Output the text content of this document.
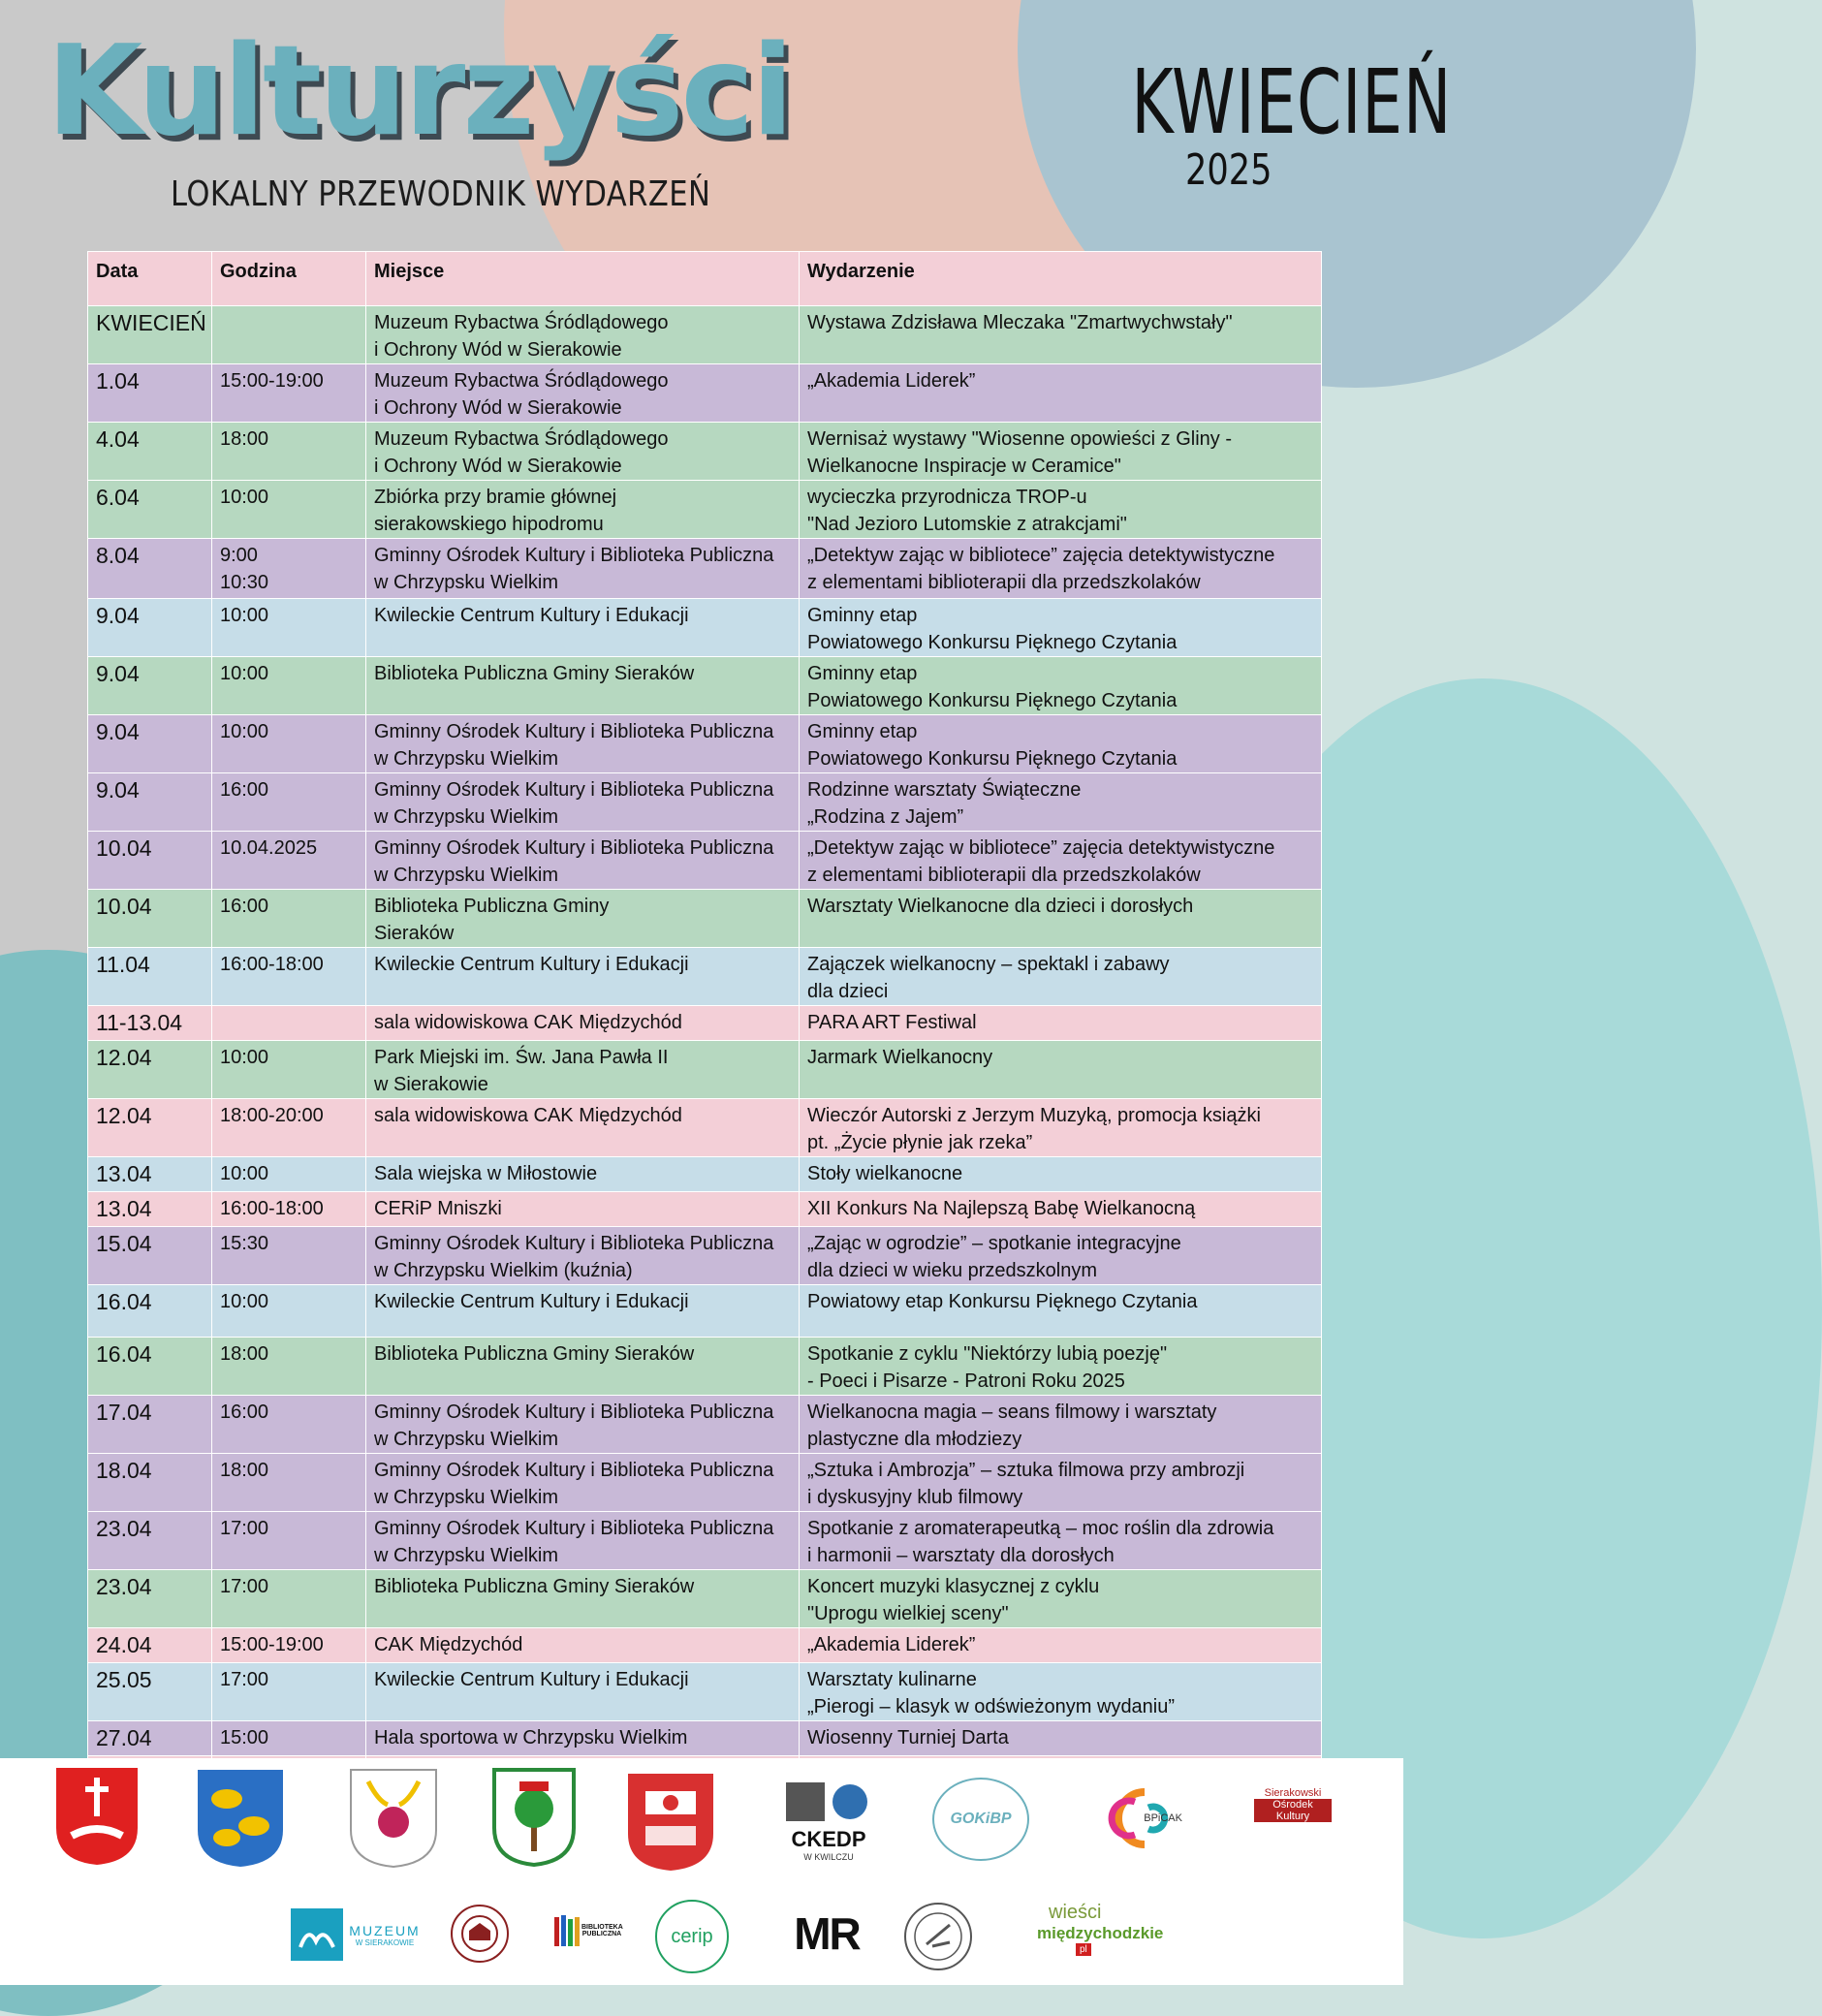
Kulturzyści
LOKALNY PRZEWODNIK WYDARZEŃ
KWIECIEŃ
2025
Data	Godzina	Miejsce	Wydarzenie
KWIECIEŃ		Muzeum Rybactwa Śródlądowego
i Ochrony Wód w Sierakowie	Wystawa Zdzisława Mleczaka "Zmartwychwstały"
1.04	15:00-19:00	Muzeum Rybactwa Śródlądowego
i Ochrony Wód w Sierakowie	„Akademia Liderek”
4.04	18:00	Muzeum Rybactwa Śródlądowego
i Ochrony Wód w Sierakowie	Wernisaż wystawy "Wiosenne opowieści z Gliny -
Wielkanocne Inspiracje w Ceramice"

6.04	10:00	Zbiórka przy bramie głównej
sierakowskiego hipodromu	wycieczka przyrodnicza TROP-u
"Nad Jezioro Lutomskie z atrakcjami"

8.04	9:00
10:30	Gminny Ośrodek Kultury i Biblioteka Publiczna
w Chrzypsku Wielkim	„Detektyw zając w bibliotece” zajęcia detektywistyczne
z elementami biblioterapii dla przedszkolaków

9.04	10:00	Kwileckie Centrum Kultury i Edukacji	Gminny etap
Powiatowego Konkursu Pięknego Czytania

9.04	10:00	Biblioteka Publiczna Gminy Sieraków	Gminny etap
Powiatowego Konkursu Pięknego Czytania

9.04	10:00	Gminny Ośrodek Kultury i Biblioteka Publiczna
w Chrzypsku Wielkim	Gminny etap
Powiatowego Konkursu Pięknego Czytania

9.04	16:00	Gminny Ośrodek Kultury i Biblioteka Publiczna
w Chrzypsku Wielkim	Rodzinne warsztaty Świąteczne
„Rodzina z Jajem”

10.04	10.04.2025	Gminny Ośrodek Kultury i Biblioteka Publiczna
w Chrzypsku Wielkim	„Detektyw zając w bibliotece” zajęcia detektywistyczne
z elementami biblioterapii dla przedszkolaków

10.04	16:00	Biblioteka Publiczna Gminy
Sieraków	Warsztaty Wielkanocne dla dzieci i dorosłych
11.04	16:00-18:00	Kwileckie Centrum Kultury i Edukacji	Zajączek wielkanocny – spektakl i zabawy
dla dzieci

11-13.04		sala widowiskowa CAK Międzychód	PARA ART Festiwal
12.04	10:00	Park Miejski im. Św. Jana Pawła II
w Sierakowie	Jarmark Wielkanocny
12.04	18:00-20:00	sala widowiskowa CAK Międzychód	Wieczór Autorski z Jerzym Muzyką, promocja książki
pt. „Życie płynie jak rzeka”

13.04	10:00	Sala wiejska w Miłostowie	Stoły wielkanocne
13.04	16:00-18:00	CERiP Mniszki	XII Konkurs Na Najlepszą Babę Wielkanocną
15.04	15:30	Gminny Ośrodek Kultury i Biblioteka Publiczna
w Chrzypsku Wielkim (kuźnia)	„Zając w ogrodzie” – spotkanie integracyjne
dla dzieci w wieku przedszkolnym

16.04	10:00	Kwileckie Centrum Kultury i Edukacji	Powiatowy etap Konkursu Pięknego Czytania
16.04	18:00	Biblioteka Publiczna Gminy Sieraków	Spotkanie z cyklu "Niektórzy lubią poezję"
- Poeci i Pisarze - Patroni Roku 2025

17.04	16:00	Gminny Ośrodek Kultury i Biblioteka Publiczna
w Chrzypsku Wielkim	Wielkanocna magia – seans filmowy i warsztaty
plastyczne dla młodziezy

18.04	18:00	Gminny Ośrodek Kultury i Biblioteka Publiczna
w Chrzypsku Wielkim	„Sztuka i Ambrozja” – sztuka filmowa przy ambrozji
i dyskusyjny klub filmowy

23.04	17:00	Gminny Ośrodek Kultury i Biblioteka Publiczna
w Chrzypsku Wielkim	Spotkanie z aromaterapeutką – moc roślin dla zdrowia
i harmonii – warsztaty dla dorosłych

23.04	17:00	Biblioteka Publiczna Gminy Sieraków	Koncert muzyki klasycznej z cyklu
"Uprogu wielkiej sceny"

24.04	15:00-19:00	CAK Międzychód	„Akademia Liderek”
25.05	17:00	Kwileckie Centrum Kultury i Edukacji	Warsztaty kulinarne
„Pierogi – klasyk w odświeżonym wydaniu”

27.04	15:00	Hala sportowa w Chrzypsku Wielkim	Wiosenny Turniej Darta

CKEDP
W KWILCZU
GOKiBP	BPiCAK
Sierakowski
Ośrodek
Kultury
MUZEUM
W SIERAKOWIE
BIBLIOTEKA PUBLICZNA	cerip MR	wieści
międzychodzkie
pl
